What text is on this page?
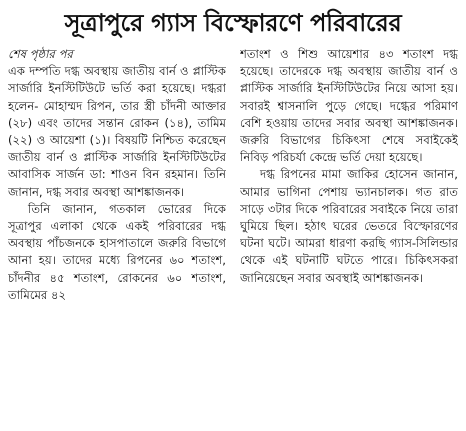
সূত্রাপুরে গ্যাস বিস্ফোরণে পরিবারের
শেষ পৃষ্ঠার পর

এক দম্পতি দগ্ধ অবস্থায় জাতীয় বার্ন ও প্লাস্টিক সার্জারি ইনস্টিটিউটে ভর্তি করা হয়েছে। দগ্ধরা হলেন- মোহাম্মদ রিপন, তার স্ত্রী চাঁদনী আক্তার (২৮) এবং তাদের সন্তান রোকন (১৪), তামিম (২২) ও আয়েশা (১)। বিষয়টি নিশ্চিত করেছেন জাতীয় বার্ন ও প্লাস্টিক সার্জারি ইনস্টিটিউটের আবাসিক সার্জন ডা: শাওন বিন রহমান। তিনি জানান, দগ্ধ সবার অবস্থা আশঙ্কাজনক।

তিনি জানান, গতকাল ভোরের দিকে সূত্রাপুর এলাকা থেকে একই পরিবারের দগ্ধ অবস্থায় পাঁচজনকে হাসপাতালে জরুরি বিভাগে আনা হয়। তাদের মধ্যে রিপনের ৬০ শতাংশ, চাঁদনীর ৪৫ শতাংশ, রোকনের ৬০ শতাংশ, তামিমের ৪২

শতাংশ ও শিশু আয়েশার ৪৩ শতাংশ দগ্ধ হয়েছে। তাদেরকে দগ্ধ অবস্থায় জাতীয় বার্ন ও প্লাস্টিক সার্জারি ইনস্টিটিউটের নিয়ে আসা হয়। সবারই শ্বাসনালি পুড়ে গেছে। দগ্ধের পরিমাণ বেশি হওয়ায় তাদের সবার অবস্থা আশঙ্কাজনক। জরুরি বিভাগের চিকিৎসা শেষে সবাইকেই নিবিড় পরিচর্যা কেন্দ্রে ভর্তি দেয়া হয়েছে।

দগ্ধ রিপনের মামা জাকির হোসেন জানান, আমার ভাগিনা পেশায় ভ্যানচালক। গত রাত সাড়ে ৩টার দিকে পরিবারের সবাইকে নিয়ে তারা ঘুমিয়ে ছিল। হঠাৎ ঘরের ভেতরে বিস্ফোরণের ঘটনা ঘটে। আমরা ধারণা করছি গ্যাস-সিলিন্ডার থেকে এই ঘটনাটি ঘটতে পারে। চিকিৎসকরা জানিয়েছেন সবার অবস্থাই আশঙ্কাজনক।
